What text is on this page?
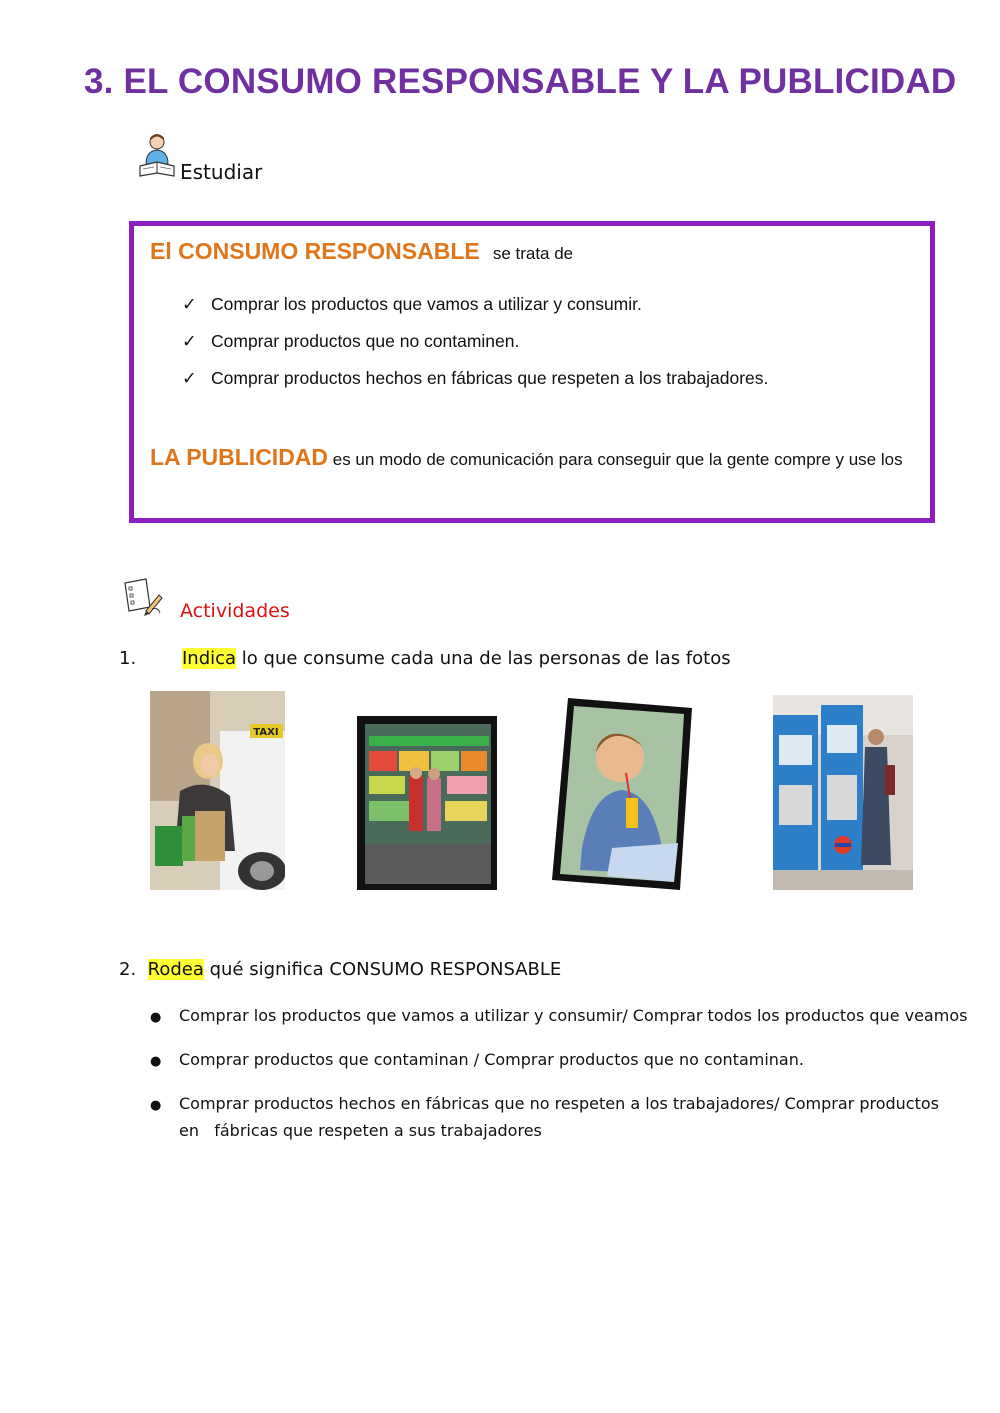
3. EL CONSUMO RESPONSABLE Y LA PUBLICIDAD
Estudiar
El CONSUMO RESPONSABLE se trata de
✓ Comprar los productos que vamos a utilizar y consumir.
✓ Comprar productos que no contaminen.
✓ Comprar productos hechos en fábricas que respeten a los trabajadores.
LA PUBLICIDAD es un modo de comunicación para conseguir que la gente compre y use los
Actividades
1.	Indica lo que consume cada una de las personas de las fotos
TAXI
2.  Rodea qué significa CONSUMO RESPONSABLE
● Comprar los productos que vamos a utilizar y consumir/ Comprar todos los productos que veamos
● Comprar productos que contaminan / Comprar productos que no contaminan.
● Comprar productos hechos en fábricas que no respeten a los trabajadores/ Comprar productos
en   fábricas que respeten a sus trabajadores
